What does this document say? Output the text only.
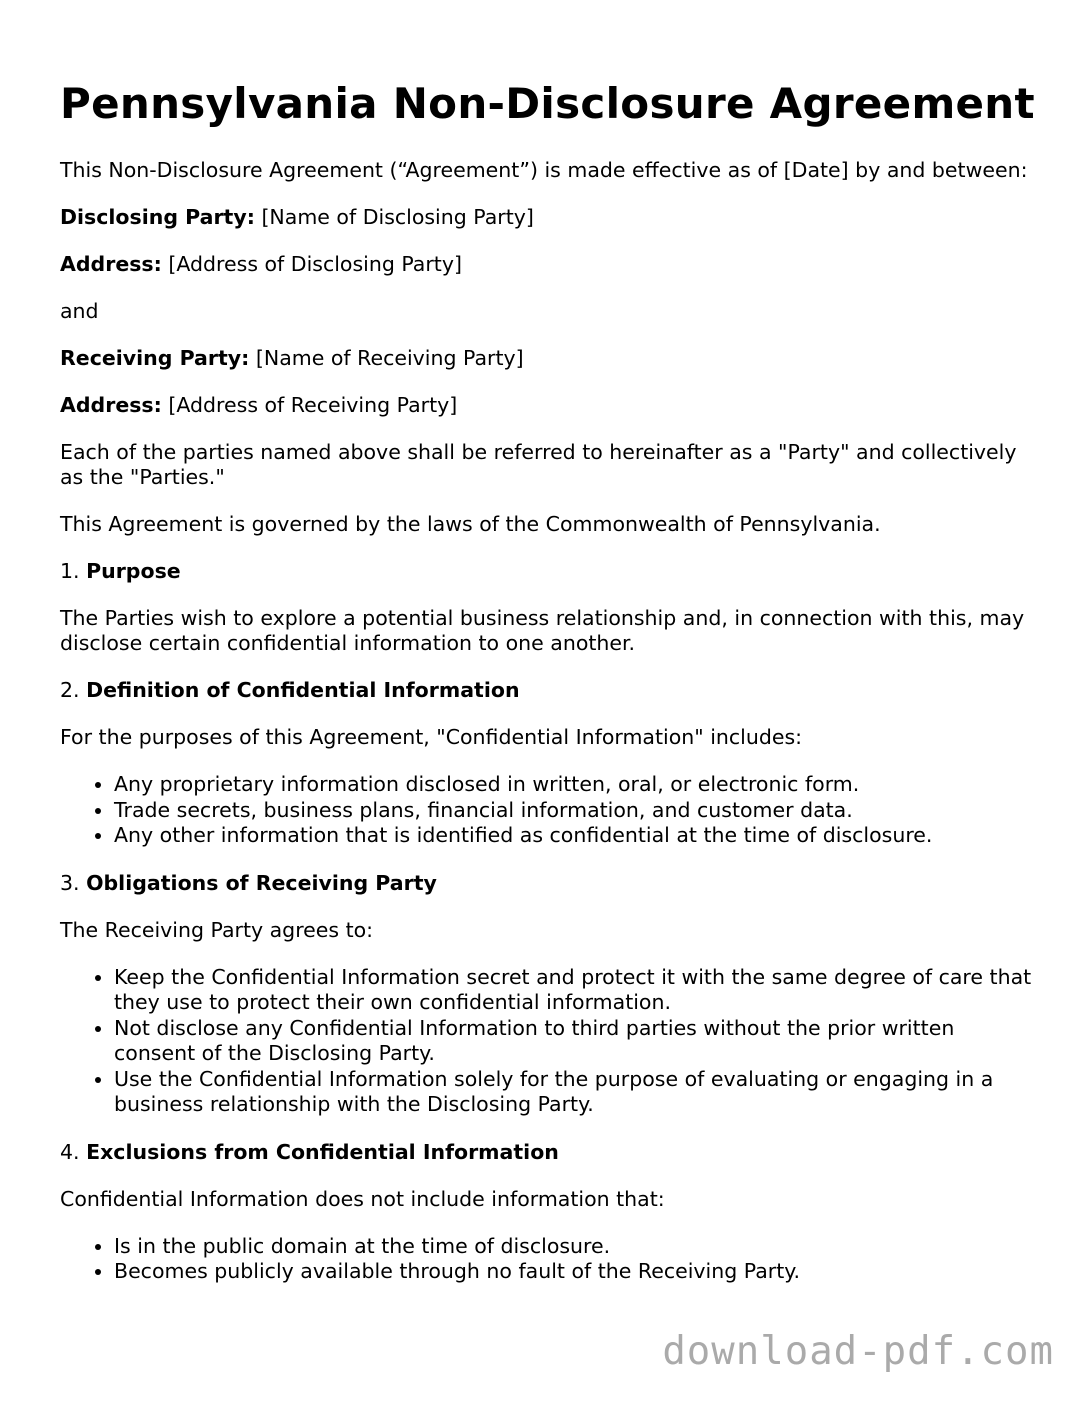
Pennsylvania Non-Disclosure Agreement

This Non-Disclosure Agreement (“Agreement”) is made effective as of [Date] by and between:

Disclosing Party: [Name of Disclosing Party]

Address: [Address of Disclosing Party]

and

Receiving Party: [Name of Receiving Party]

Address: [Address of Receiving Party]

Each of the parties named above shall be referred to hereinafter as a "Party" and collectively as the "Parties."

This Agreement is governed by the laws of the Commonwealth of Pennsylvania.

1. Purpose

The Parties wish to explore a potential business relationship and, in connection with this, may disclose certain confidential information to one another.

2. Definition of Confidential Information

For the purposes of this Agreement, "Confidential Information" includes:

• Any proprietary information disclosed in written, oral, or electronic form.
• Trade secrets, business plans, financial information, and customer data.
• Any other information that is identified as confidential at the time of disclosure.
3. Obligations of Receiving Party

The Receiving Party agrees to:

• Keep the Confidential Information secret and protect it with the same degree of care that they use to protect their own confidential information.
• Not disclose any Confidential Information to third parties without the prior written consent of the Disclosing Party.
• Use the Confidential Information solely for the purpose of evaluating or engaging in a business relationship with the Disclosing Party.
4. Exclusions from Confidential Information

Confidential Information does not include information that:

• Is in the public domain at the time of disclosure.
• Becomes publicly available through no fault of the Receiving Party.
download-pdf.com
